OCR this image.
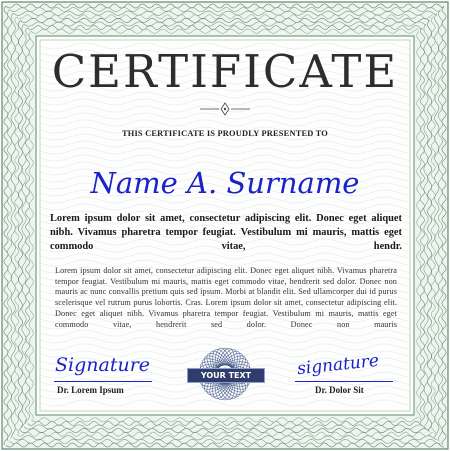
CERTIFICATE
THIS CERTIFICATE IS PROUDLY PRESENTED TO
Name A. Surname
Lorem ipsum dolor sit amet, consectetur adipiscing elit. Donec eget aliquet nibh. Vivamus pharetra tempor feugiat. Vestibulum mi mauris, mattis eget commodo vitae, hendr.
Lorem ipsum dolor sit amet, consectetur adipiscing elit. Donec eget aliquet nibh. Vivamus pharetra tempor feugiat. Vestibulum mi mauris, mattis eget commodo vitae, hendrerit sed dolor. Donec non mauris ac nunc convallis pretium quis sed ipsum. Morbi at blandit elit. Sed ullamcorper dui id purus scelerisque vel rutrum purus lobortis. Cras. Lorem ipsum dolor sit amet, consectetur adipiscing elit. Donec eget aliquet nibh. Vivamus pharetra tempor feugiat. Vestibulum mi mauris, mattis eget commodo vitae, hendrerit sed dolor. Donec non mauris
Signature
Dr. Lorem Ipsum
YOUR TEXT	signature
Dr. Dolor Sit
